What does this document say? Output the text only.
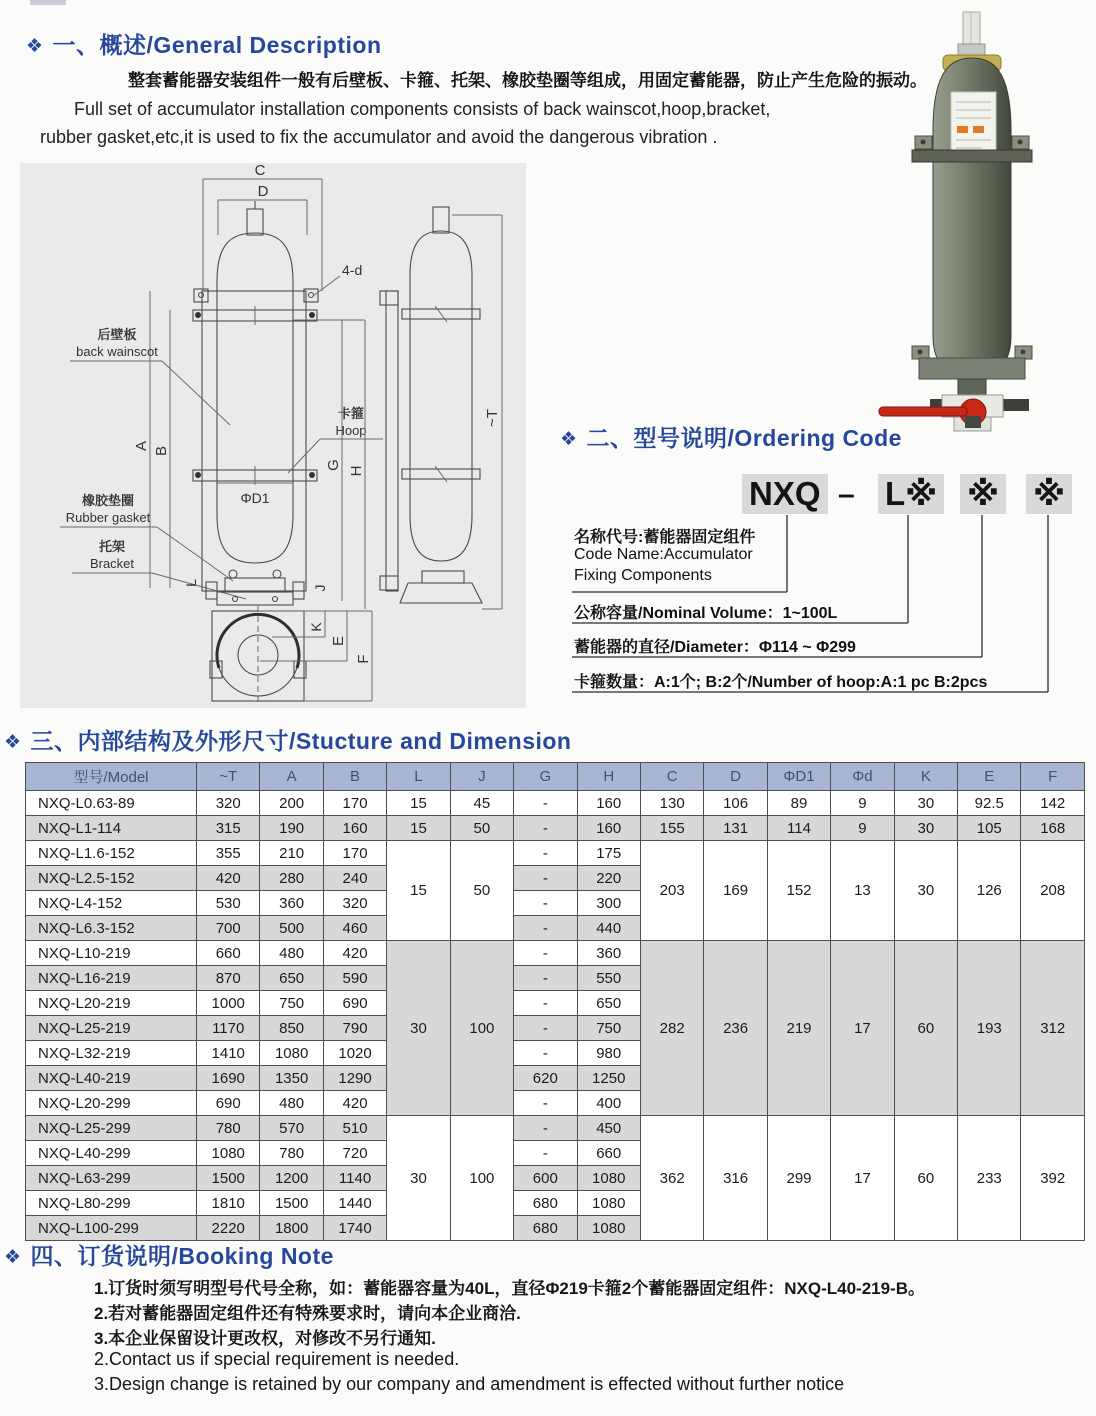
❖ 一、概述/General Description
整套蓄能器安装组件一般有后壁板、卡箍、托架、橡胶垫圈等组成，用固定蓄能器，防止产生危险的振动。
Full set of accumulator installation components consists of back wainscot,hoop,bracket,
rubber gasket,etc,it is used to fix the accumulator and avoid the dangerous vibration .
C
D
4-d
A B
后壁板
back wainscot
橡胶垫圈
Rubber gasket
托架
Bracket
卡箍
Hoop
ΦD1
G
H
L
J
~T
K
E
F
❖ 二、型号说明/Ordering Code
NXQ – L※ ※ ※
名称代号:蓄能器固定组件
Code Name:Accumulator
Fixing Components
公称容量/Nominal Volume：1~100L
蓄能器的直径/Diameter：Φ114 ~ Φ299
卡箍数量：A:1个; B:2个/Number of hoop:A:1 pc B:2pcs
❖ 三、内部结构及外形尺寸/Stucture and Dimension
型号/Model	~T	A	B	L	J	G	H	C	D	ΦD1	Φd	K	E	F
NXQ-L0.63-89	320	200	170	15	45	-	160	130	106	89	9	30	92.5	142
NXQ-L1-114	315	190	160	15	50	-	160	155	131	114	9	30	105	168
NXQ-L1.6-152	355	210	170	15	50	-	175	203	169	152	13	30	126	208
NXQ-L2.5-152	420	280	240			-	220							
NXQ-L4-152	530	360	320			-	300							
NXQ-L6.3-152	700	500	460			-	440							
NXQ-L10-219	660	480	420	30	100	-	360	282	236	219	17	60	193	312
NXQ-L16-219	870	650	590			-	550							
NXQ-L20-219	1000	750	690			-	650							
NXQ-L25-219	1170	850	790			-	750							
NXQ-L32-219	1410	1080	1020			-	980							
NXQ-L40-219	1690	1350	1290			620	1250							
NXQ-L20-299	690	480	420			-	400							
NXQ-L25-299	780	570	510	30	100	-	450	362	316	299	17	60	233	392
NXQ-L40-299	1080	780	720			-	660							
NXQ-L63-299	1500	1200	1140			600	1080							
NXQ-L80-299	1810	1500	1440			680	1080							
NXQ-L100-299	2220	1800	1740			680	1080							
❖ 四、订货说明/Booking Note
1.订货时须写明型号代号全称，如：蓄能器容量为40L，直径Φ219卡箍2个蓄能器固定组件：NXQ-L40-219-B。
2.若对蓄能器固定组件还有特殊要求时，请向本企业商洽.
3.本企业保留设计更改权，对修改不另行通知.
2.Contact us if special requirement is needed.
3.Design change is retained by our company and amendment is effected without further notice
